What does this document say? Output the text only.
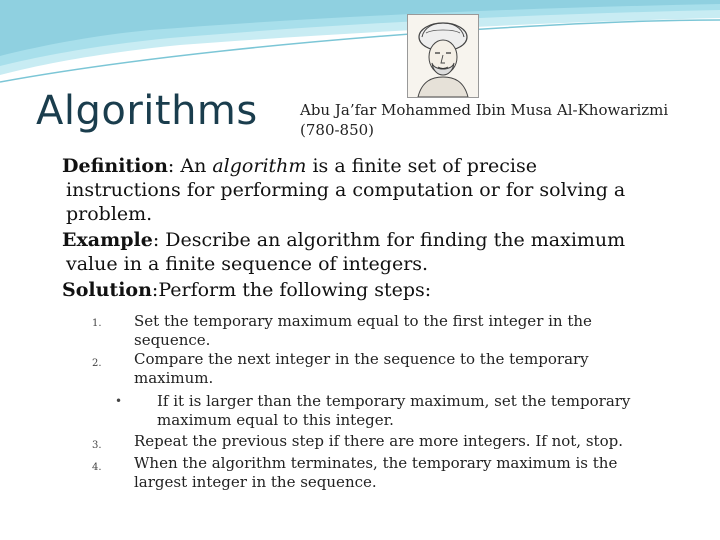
Algorithms	Abu Ja’far Mohammed Ibin Musa Al-Khowarizmi
(780-850)
Definition: An algorithm is a finite set of precise
instructions for performing a computation or for solving a
problem.
Example: Describe an algorithm for finding the maximum
value in a finite sequence of integers.
Solution:Perform the following steps:
1. Set the temporary maximum equal to the first integer in the
sequence.
2. Compare the next integer in the sequence to the temporary
maximum.
• If it is larger than the temporary maximum, set the temporary
maximum equal to this integer.
3. Repeat the previous step if there are more integers. If not, stop.
4. When the algorithm terminates, the temporary maximum is the
largest integer in the sequence.
